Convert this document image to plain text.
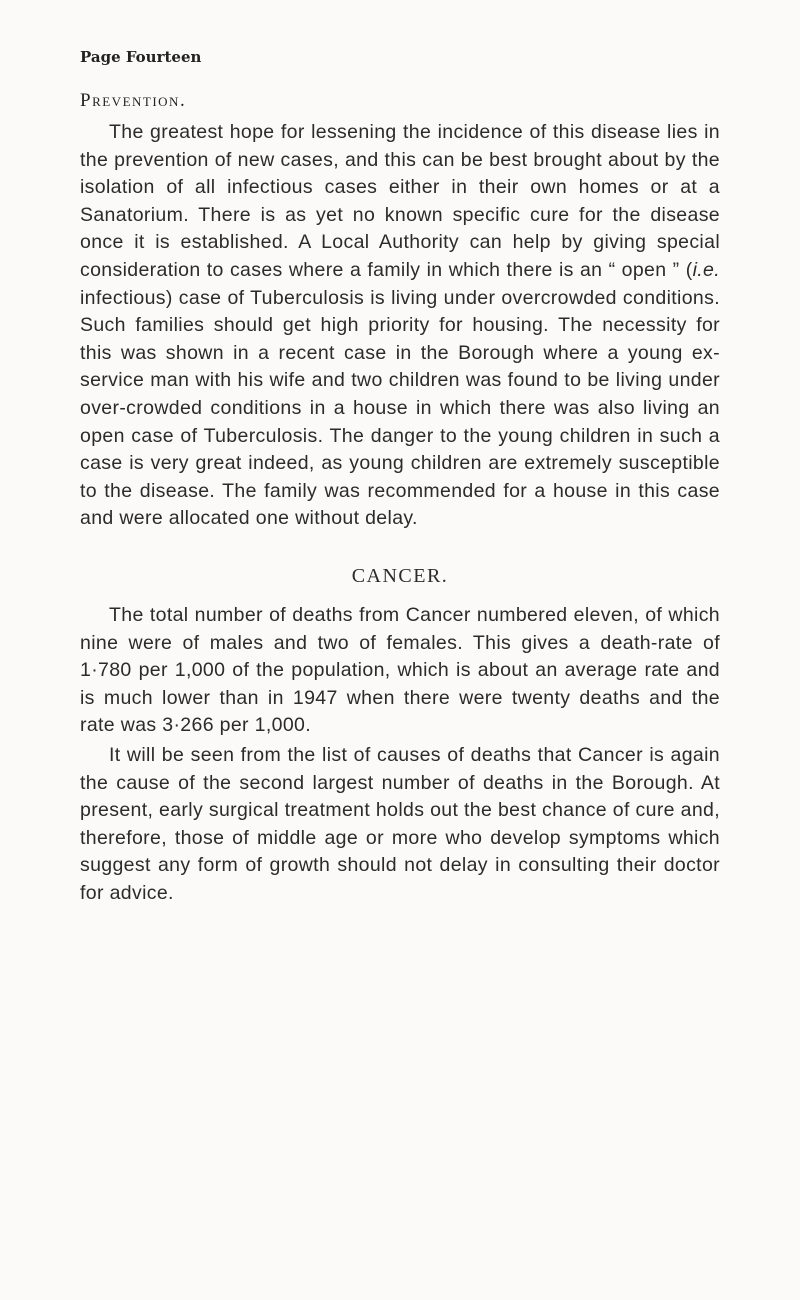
Page Fourteen
Prevention.

The greatest hope for lessening the incidence of this disease lies in the prevention of new cases, and this can be best brought about by the isolation of all infectious cases either in their own homes or at a Sanatorium. There is as yet no known specific cure for the disease once it is established. A Local Authority can help by giving special consideration to cases where a family in which there is an “ open ” (i.e. infectious) case of Tuberculosis is living under overcrowded conditions. Such families should get high priority for housing. The necessity for this was shown in a recent case in the Borough where a young ex-service man with his wife and two children was found to be living under over-crowded conditions in a house in which there was also living an open case of Tuberculosis. The danger to the young children in such a case is very great indeed, as young children are extremely susceptible to the disease. The family was recommended for a house in this case and were allocated one without delay.

CANCER.

The total number of deaths from Cancer numbered eleven, of which nine were of males and two of females. This gives a death-rate of 1·780 per 1,000 of the population, which is about an average rate and is much lower than in 1947 when there were twenty deaths and the rate was 3·266 per 1,000.

It will be seen from the list of causes of deaths that Cancer is again the cause of the second largest number of deaths in the Borough. At present, early surgical treatment holds out the best chance of cure and, therefore, those of middle age or more who develop symptoms which suggest any form of growth should not delay in consulting their doctor for advice.
